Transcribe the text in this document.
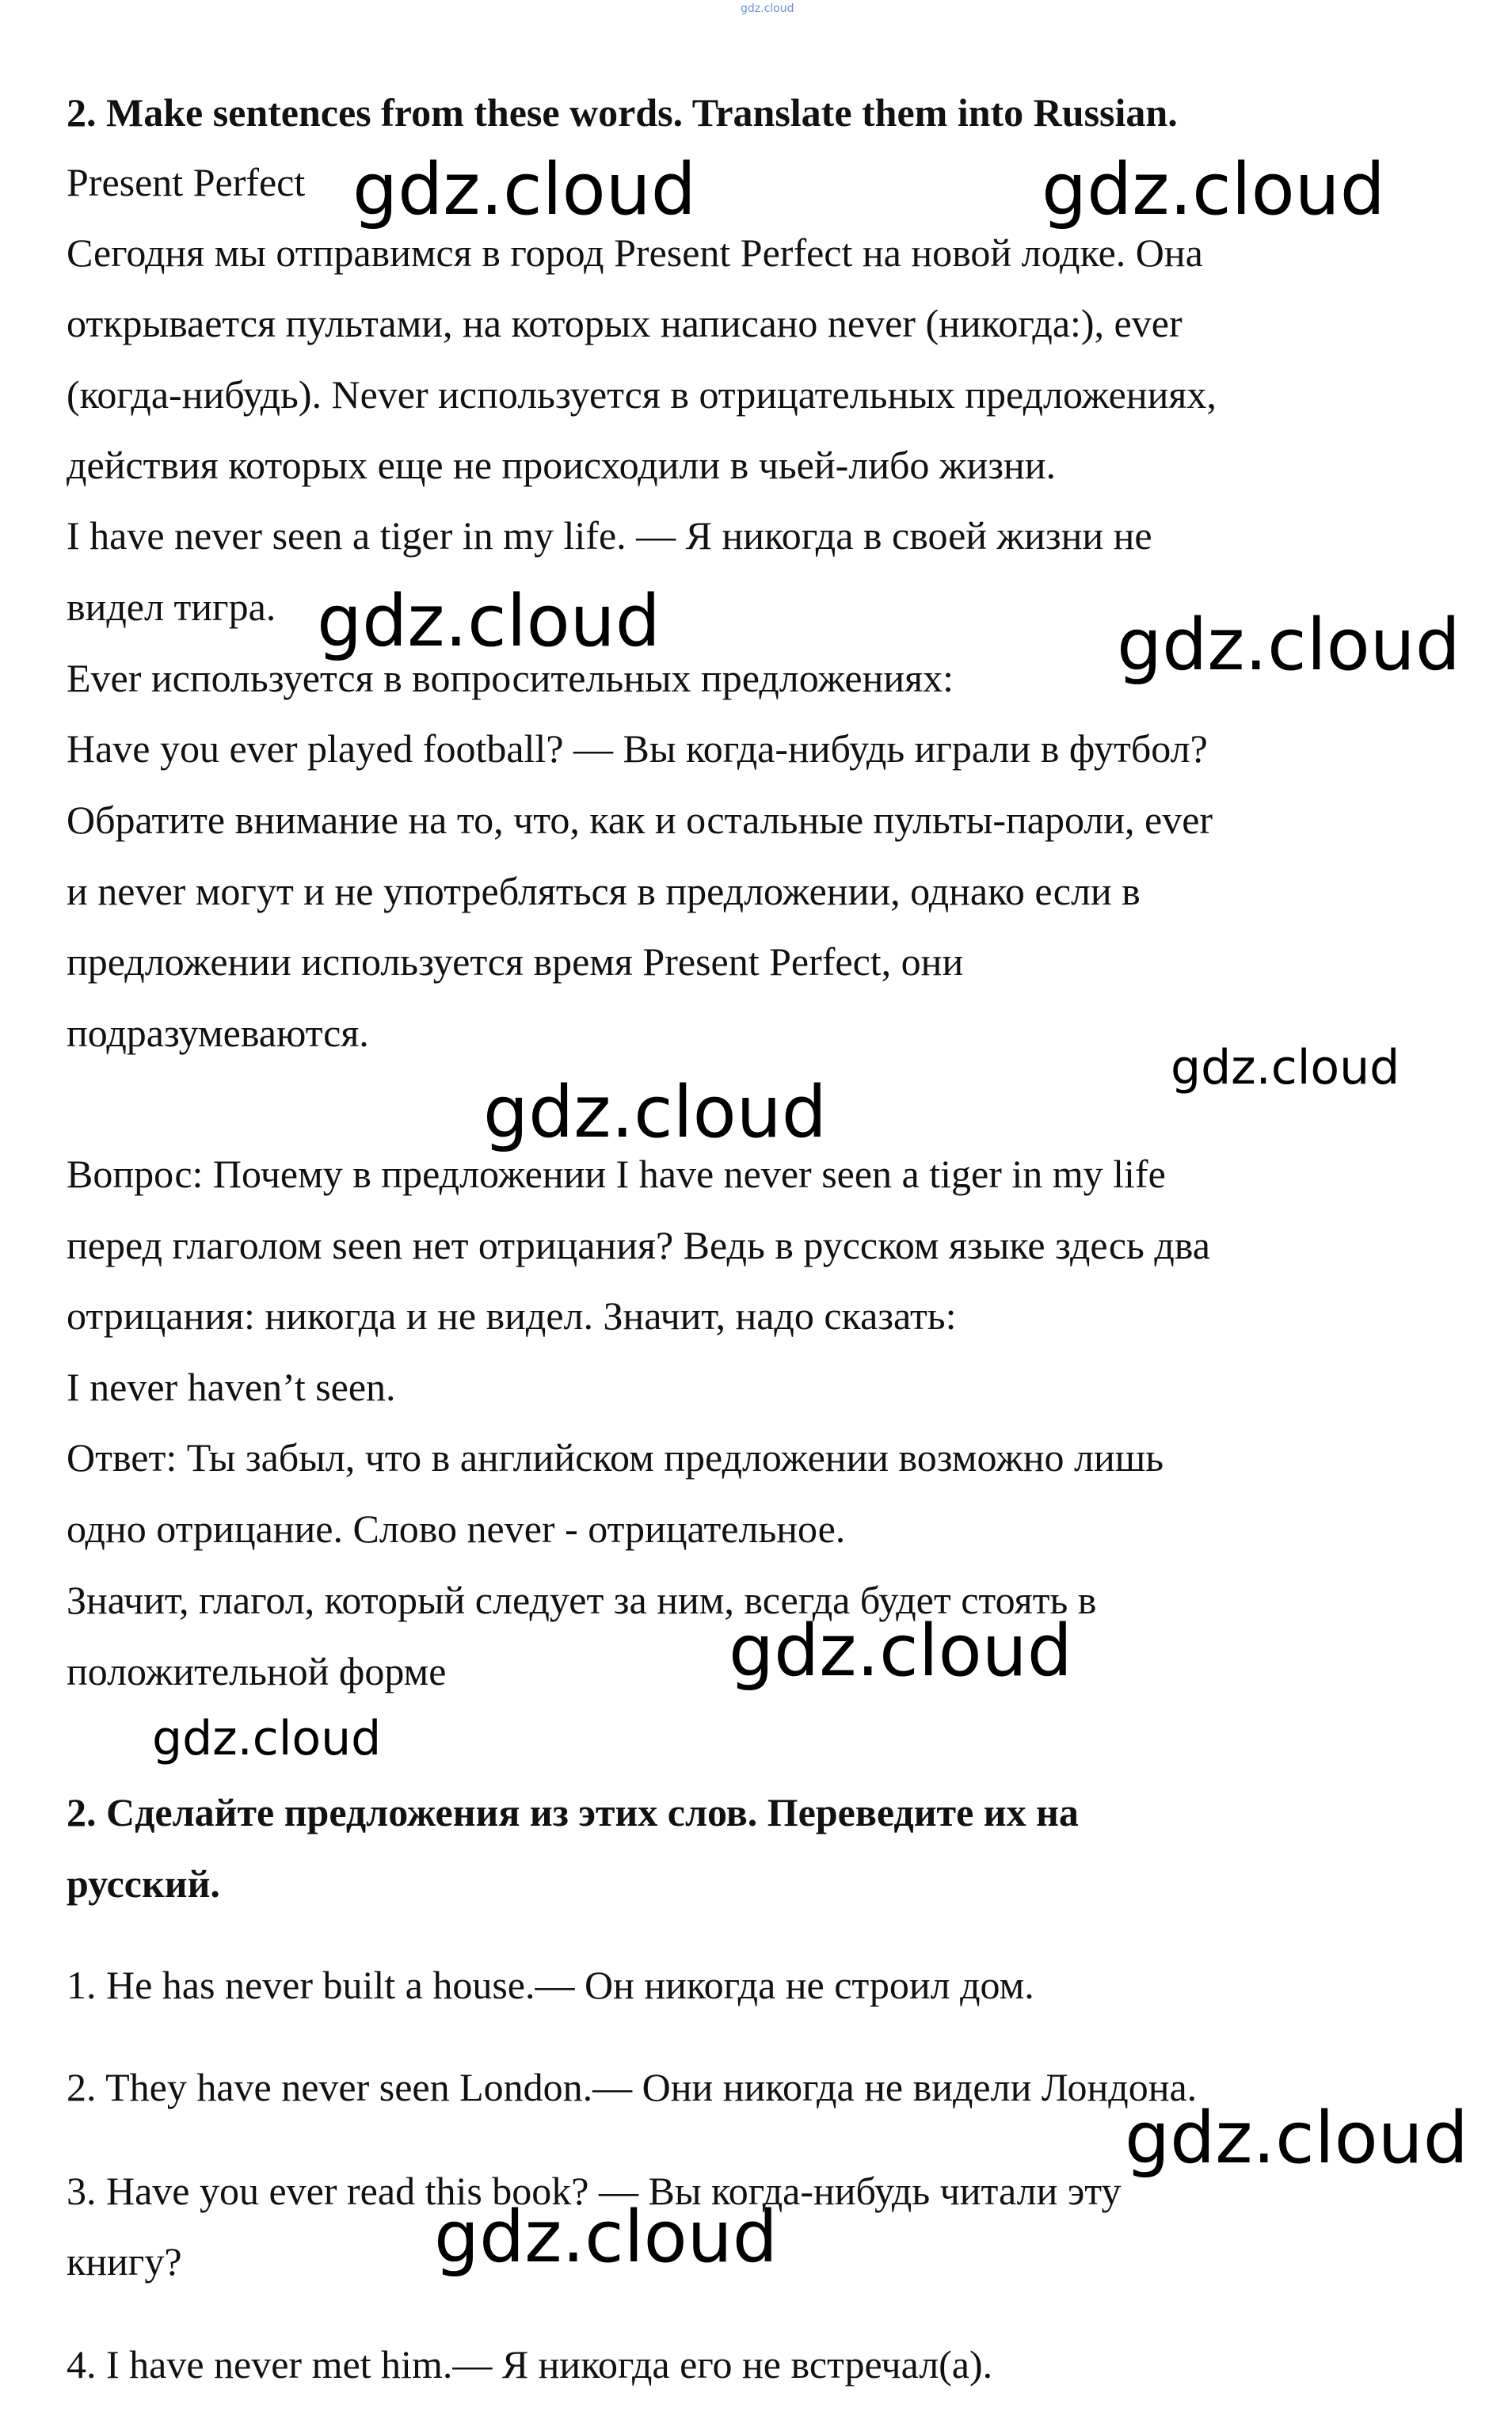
gdz.cloud
2. Make sentences from these words. Translate them into Russian.
Present Perfect
Сегодня мы отправимся в город Present Perfect на новой лодке. Она
открывается пультами, на которых написано never (никогда:), ever
(когда-нибудь). Never используется в отрицательных предложениях,
действия которых еще не происходили в чьей-либо жизни.
I have never seen a tiger in my life. — Я никогда в своей жизни не
видел тигра.
Ever используется в вопросительных предложениях:
Have you ever played football? — Вы когда-нибудь играли в футбол?
Обратите внимание на то, что, как и остальные пульты-пароли, ever
и never могут и не употребляться в предложении, однако если в
предложении используется время Present Perfect, они
подразумеваются.
Вопрос: Почему в предложении I have never seen a tiger in my life
перед глаголом seen нет отрицания? Ведь в русском языке здесь два
отрицания: никогда и не видел. Значит, надо сказать:
I never haven’t seen.
Ответ: Ты забыл, что в английском предложении возможно лишь
одно отрицание. Слово never - отрицательное.
Значит, глагол, который следует за ним, всегда будет стоять в
положительной форме
2. Сделайте предложения из этих слов. Переведите их на
русский.
1. He has never built a house.— Он никогда не строил дом.
2. They have never seen London.— Они никогда не видели Лондона.
3. Have you ever read this book? — Вы когда-нибудь читали эту
книгу?
4. I have never met him.— Я никогда его не встречал(а).
gdz.cloud	gdz.cloud
gdz.cloud	gdz.cloud
gdz.cloud
gdz.cloud
gdz.cloud
gdz.cloud
gdz.cloud
gdz.cloud
